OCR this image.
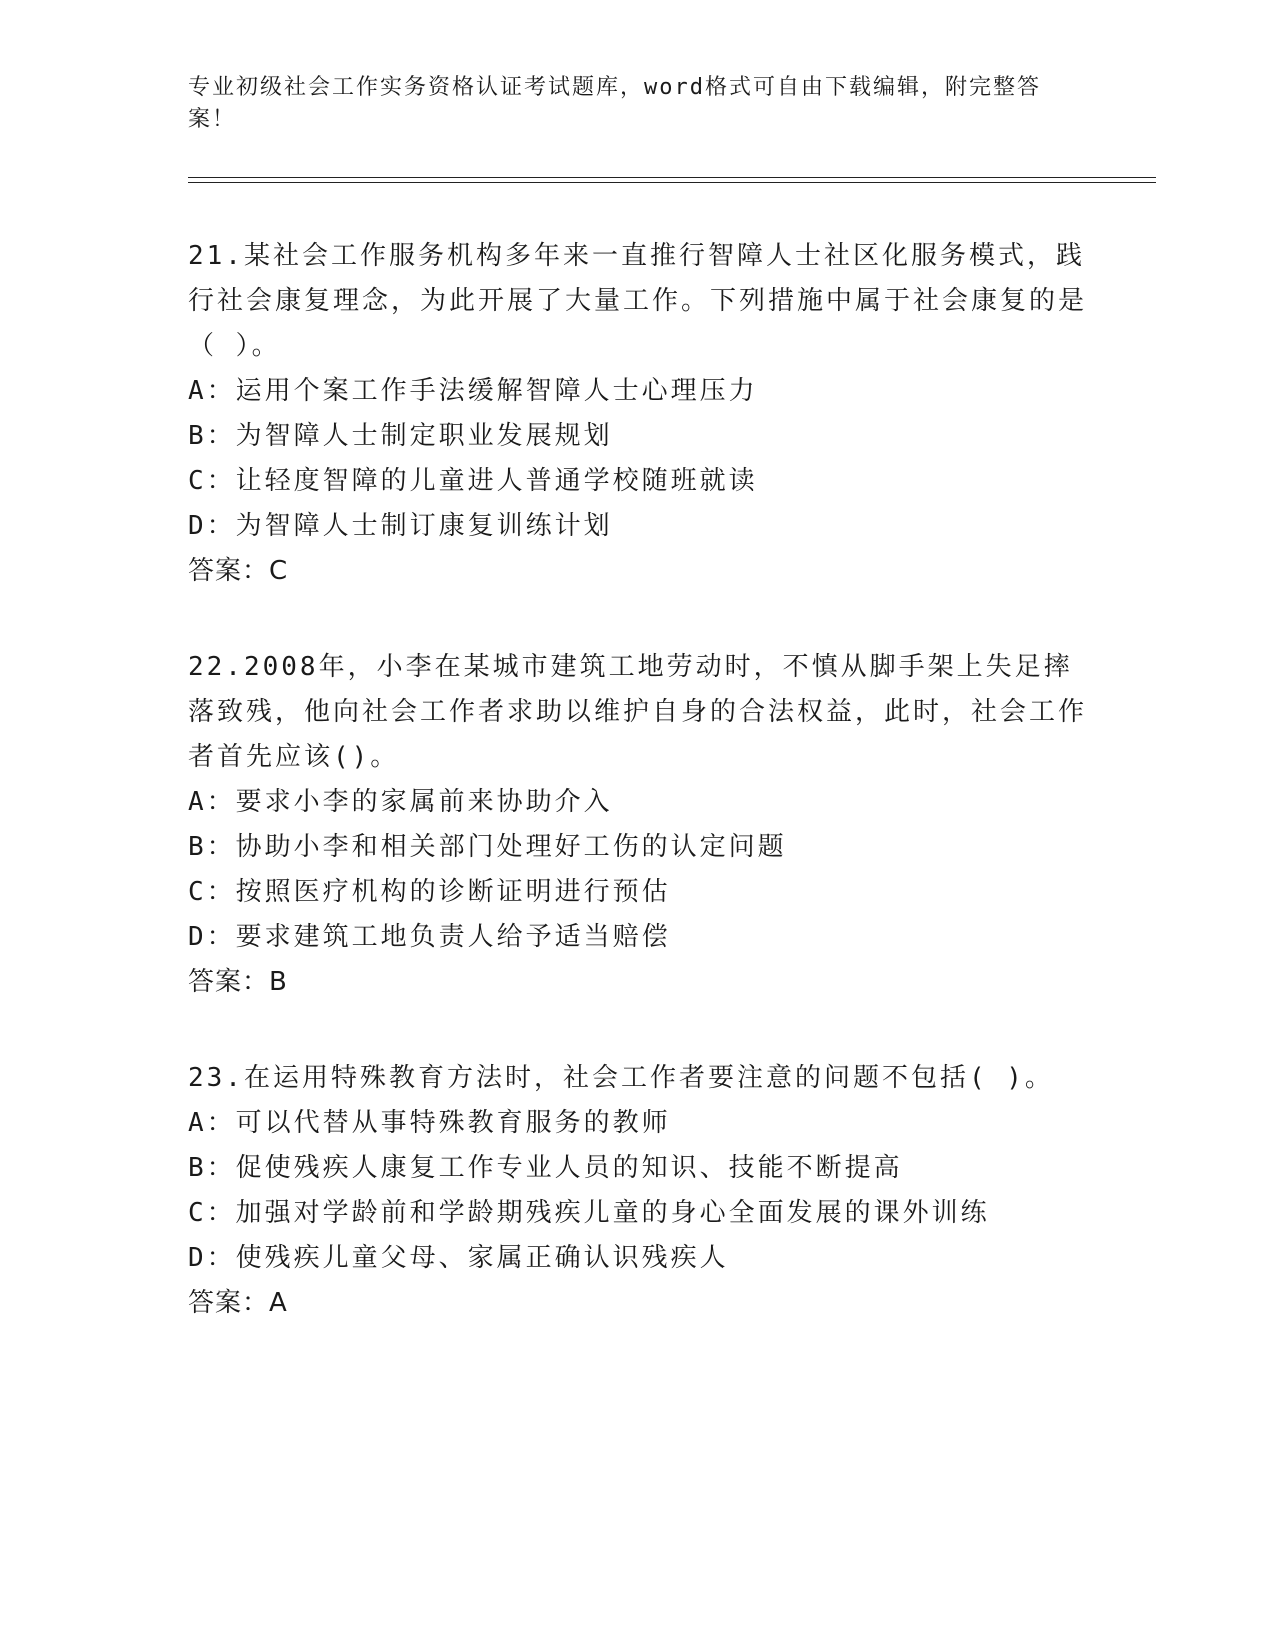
专业初级社会工作实务资格认证考试题库，word格式可自由下载编辑，附完整答案！
21.某社会工作服务机构多年来一直推行智障人士社区化服务模式，践行社会康复理念，为此开展了大量工作。下列措施中属于社会康复的是（ ）。
A：运用个案工作手法缓解智障人士心理压力
B：为智障人士制定职业发展规划
C：让轻度智障的儿童进人普通学校随班就读
D：为智障人士制订康复训练计划
答案：C
22.2008年，小李在某城市建筑工地劳动时，不慎从脚手架上失足摔落致残，他向社会工作者求助以维护自身的合法权益，此时，社会工作者首先应该()。
A：要求小李的家属前来协助介入
B：协助小李和相关部门处理好工伤的认定问题
C：按照医疗机构的诊断证明进行预估
D：要求建筑工地负责人给予适当赔偿
答案：B
23.在运用特殊教育方法时，社会工作者要注意的问题不包括( )。
A：可以代替从事特殊教育服务的教师
B：促使残疾人康复工作专业人员的知识、技能不断提高
C：加强对学龄前和学龄期残疾儿童的身心全面发展的课外训练
D：使残疾儿童父母、家属正确认识残疾人
答案：A
